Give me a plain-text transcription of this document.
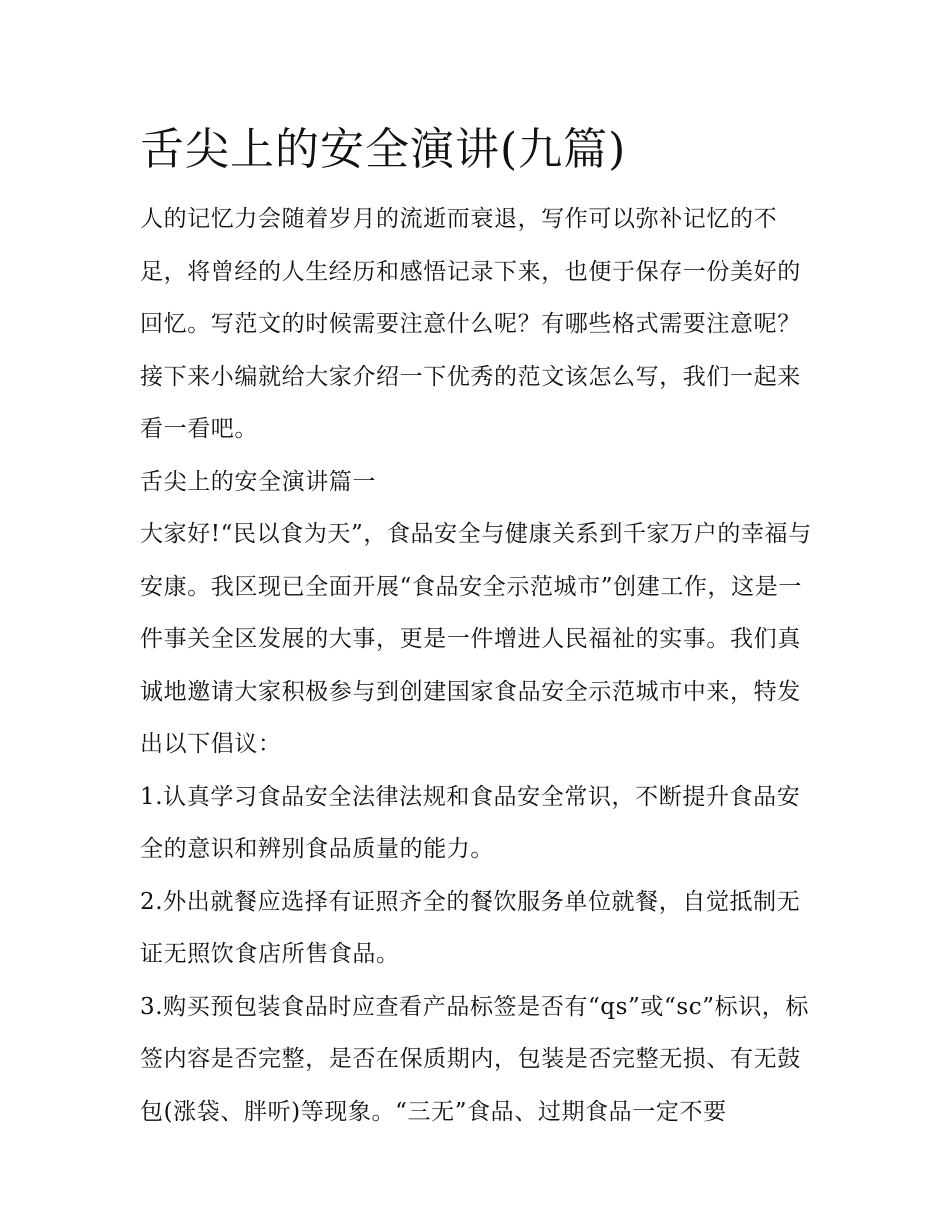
舌尖上的安全演讲(九篇)

人的记忆力会随着岁月的流逝而衰退，写作可以弥补记忆的不足，将曾经的人生经历和感悟记录下来，也便于保存一份美好的回忆。写范文的时候需要注意什么呢？有哪些格式需要注意呢？接下来小编就给大家介绍一下优秀的范文该怎么写，我们一起来看一看吧。

舌尖上的安全演讲篇一

大家好!“民以食为天”，食品安全与健康关系到千家万户的幸福与安康。我区现已全面开展“食品安全示范城市”创建工作，这是一件事关全区发展的大事，更是一件增进人民福祉的实事。我们真诚地邀请大家积极参与到创建国家食品安全示范城市中来，特发出以下倡议：

1.认真学习食品安全法律法规和食品安全常识，不断提升食品安全的意识和辨别食品质量的能力。

2.外出就餐应选择有证照齐全的餐饮服务单位就餐，自觉抵制无证无照饮食店所售食品。

3.购买预包装食品时应查看产品标签是否有“qs”或“sc”标识，标签内容是否完整，是否在保质期内，包装是否完整无损、有无鼓包(涨袋、胖听)等现象。“三无”食品、过期食品一定不要
